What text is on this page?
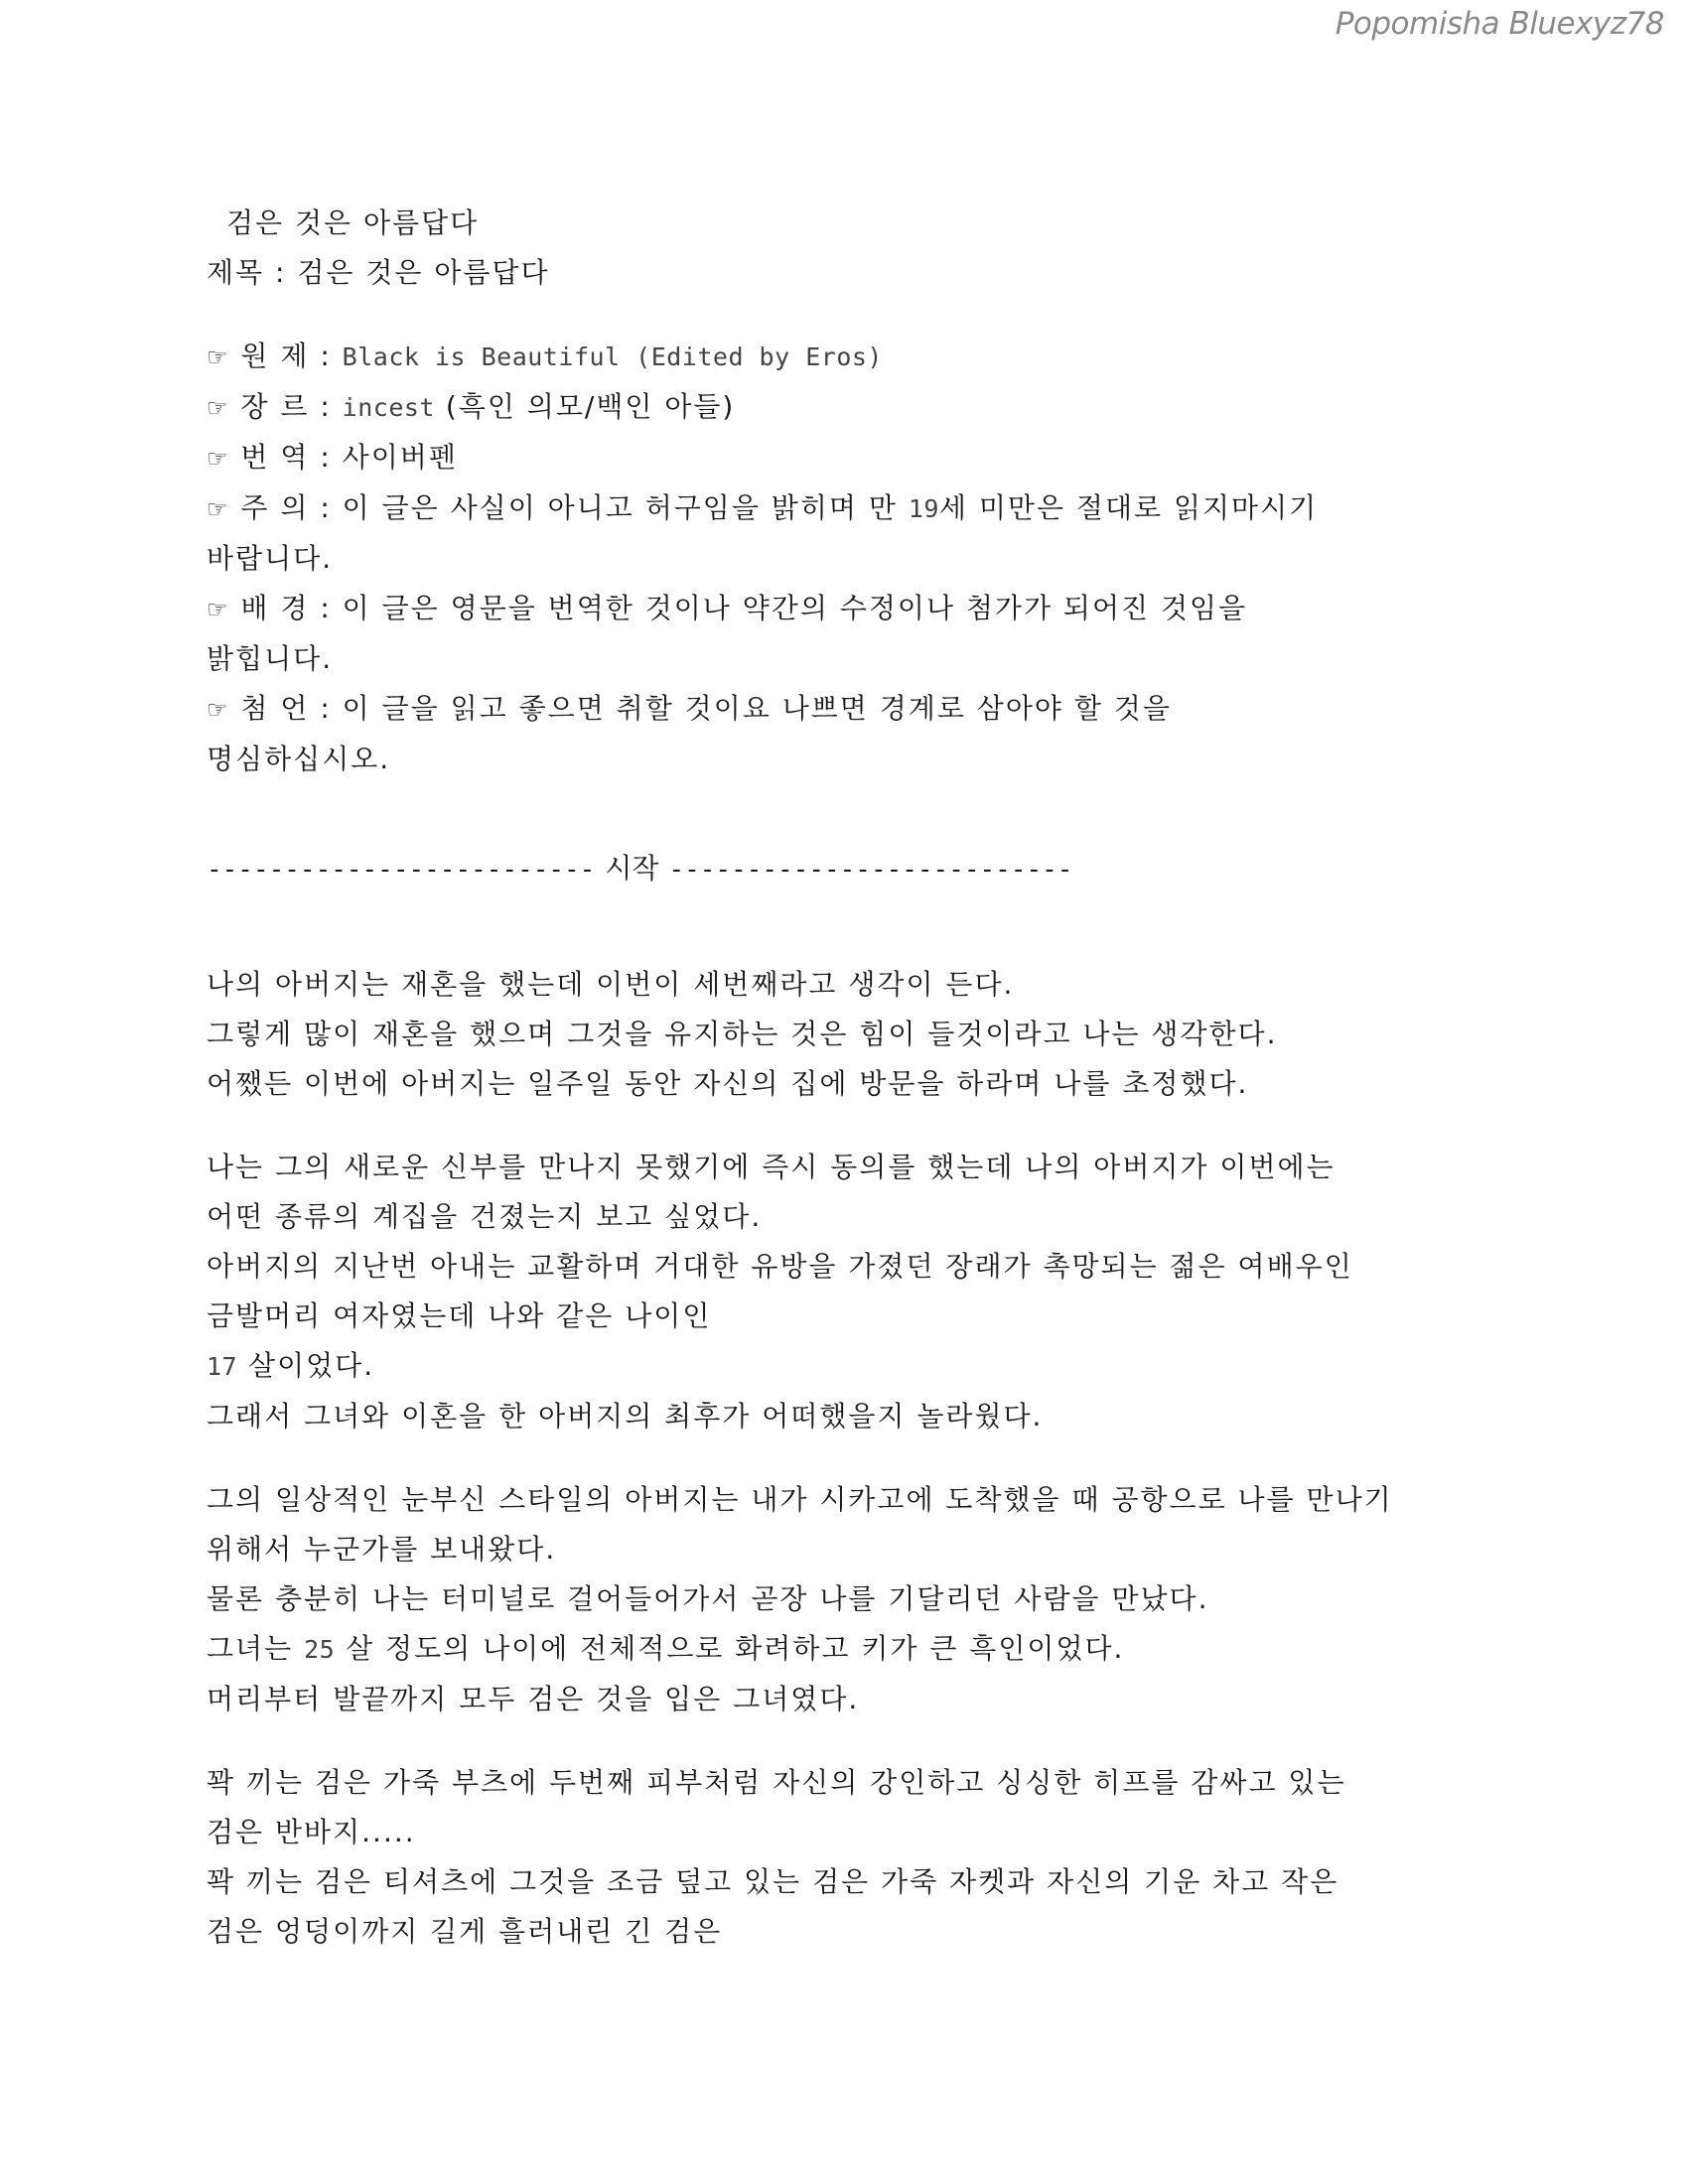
Popomisha Bluexyz78

검은 것은 아름답다

제목 : 검은 것은 아름답다

☞ 원 제 : Black is Beautiful (Edited by Eros)

☞ 장 르 : incest (흑인 의모/백인 아들)

☞ 번 역 : 사이버펜

☞ 주 의 : 이 글은 사실이 아니고 허구임을 밝히며 만 19세 미만은 절대로 읽지마시기

바랍니다.

☞ 배 경 : 이 글은 영문을 번역한 것이나 약간의 수정이나 첨가가 되어진 것임을

밝힙니다.

☞ 첨 언 : 이 글을 읽고 좋으면 취할 것이요 나쁘면 경계로 삼아야 할 것을

명심하십시오.

------------------------- 시작 --------------------------

나의 아버지는 재혼을 했는데 이번이 세번째라고 생각이 든다.

그렇게 많이 재혼을 했으며 그것을 유지하는 것은 힘이 들것이라고 나는 생각한다.

어쨌든 이번에 아버지는 일주일 동안 자신의 집에 방문을 하라며 나를 초정했다.

나는 그의 새로운 신부를 만나지 못했기에 즉시 동의를 했는데 나의 아버지가 이번에는

어떤 종류의 계집을 건졌는지 보고 싶었다.

아버지의 지난번 아내는 교활하며 거대한 유방을 가졌던 장래가 촉망되는 젊은 여배우인

금발머리 여자였는데 나와 같은 나이인

17 살이었다.

그래서 그녀와 이혼을 한 아버지의 최후가 어떠했을지 놀라웠다.

그의 일상적인 눈부신 스타일의 아버지는 내가 시카고에 도착했을 때 공항으로 나를 만나기

위해서 누군가를 보내왔다.

물론 충분히 나는 터미널로 걸어들어가서 곧장 나를 기달리던 사람을 만났다.

그녀는 25 살 정도의 나이에 전체적으로 화려하고 키가 큰 흑인이었다.

머리부터 발끝까지 모두 검은 것을 입은 그녀였다.

꽉 끼는 검은 가죽 부츠에 두번째 피부처럼 자신의 강인하고 싱싱한 히프를 감싸고 있는

검은 반바지.....

꽉 끼는 검은 티셔츠에 그것을 조금 덮고 있는 검은 가죽 자켓과 자신의 기운 차고 작은

검은 엉덩이까지 길게 흘러내린 긴 검은
